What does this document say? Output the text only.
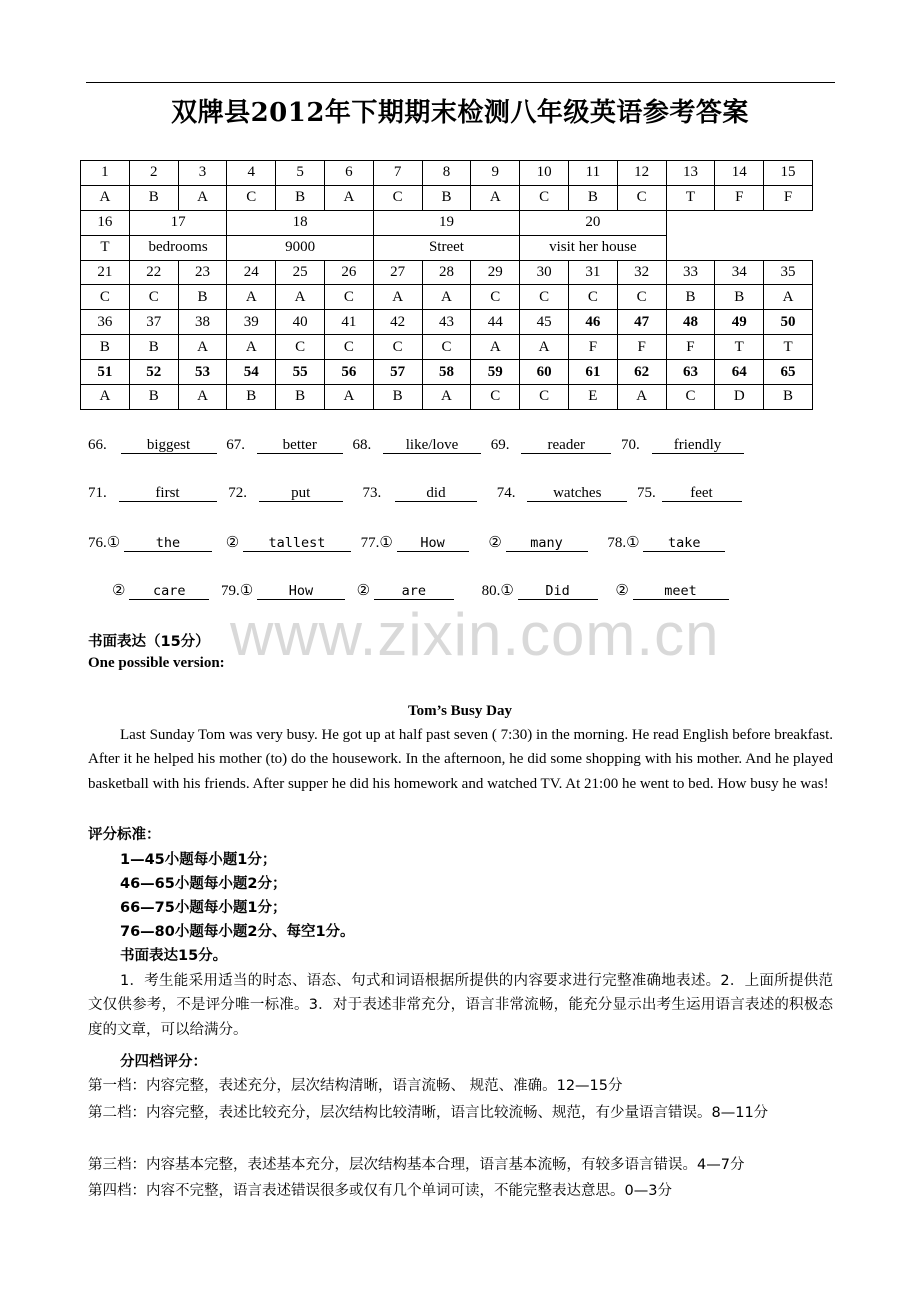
双牌县2012年下期期末检测八年级英语参考答案
1	2	3	4	5	6	7	8	9	10	11	12	13	14	15
A	B	A	C	B	A	C	B	A	C	B	C	T	F	F
16	17		18			19			20					
T	bedrooms		9000			Street			visit her house					
21	22	23	24	25	26	27	28	29	30	31	32	33	34	35
C	C	B	A	A	C	A	A	C	C	C	C	B	B	A
36	37	38	39	40	41	42	43	44	45	46	47	48	49	50
B	B	A	A	C	C	C	C	A	A	F	F	F	T	T
51	52	53	54	55	56	57	58	59	60	61	62	63	64	65
A	B	A	B	B	A	B	A	C	C	E	A	C	D	B
66.	biggest 67.	better 68. like/love 69.	reader 70. friendly
71.	first	72.	put	73.	did	74.	watches 75. feet
76.①	the	② tallest 77.① How	② many	78.① take
② care 79.①	How	② are	80.① Did	②	meet
www.zixin.com.cn
书面表达（15分）
One possible version:
Tom’s Busy Day
Last Sunday Tom was very busy. He got up at half past seven ( 7:30) in the morning. He read English before breakfast. After it he helped his mother (to) do the housework. In the afternoon, he did some shopping with his mother. And he played basketball with his friends. After supper he did his homework and watched TV. At 21:00 he went to bed. How busy he was!
评分标准：
1—45小题每小题1分；
46—65小题每小题2分；
66—75小题每小题1分；
76—80小题每小题2分、每空1分。
书面表达15分。
1．考生能采用适当的时态、语态、句式和词语根据所提供的内容要求进行完整准确地表述。2．上面所提供范文仅供参考，不是评分唯一标准。3．对于表述非常充分，语言非常流畅，能充分显示出考生运用语言表述的积极态度的文章，可以给满分。
分四档评分：
第一档： 内容完整，表述充分，层次结构清晰，语言流畅、 规范、准确。12—15分
第二档： 内容完整，表述比较充分，层次结构比较清晰，语言比较流畅、规范，有少量语言错误。8—11分
第三档： 内容基本完整，表述基本充分，层次结构基本合理，语言基本流畅，有较多语言错误。4—7分
第四档： 内容不完整，语言表述错误很多或仅有几个单词可读，不能完整表达意思。0—3分
